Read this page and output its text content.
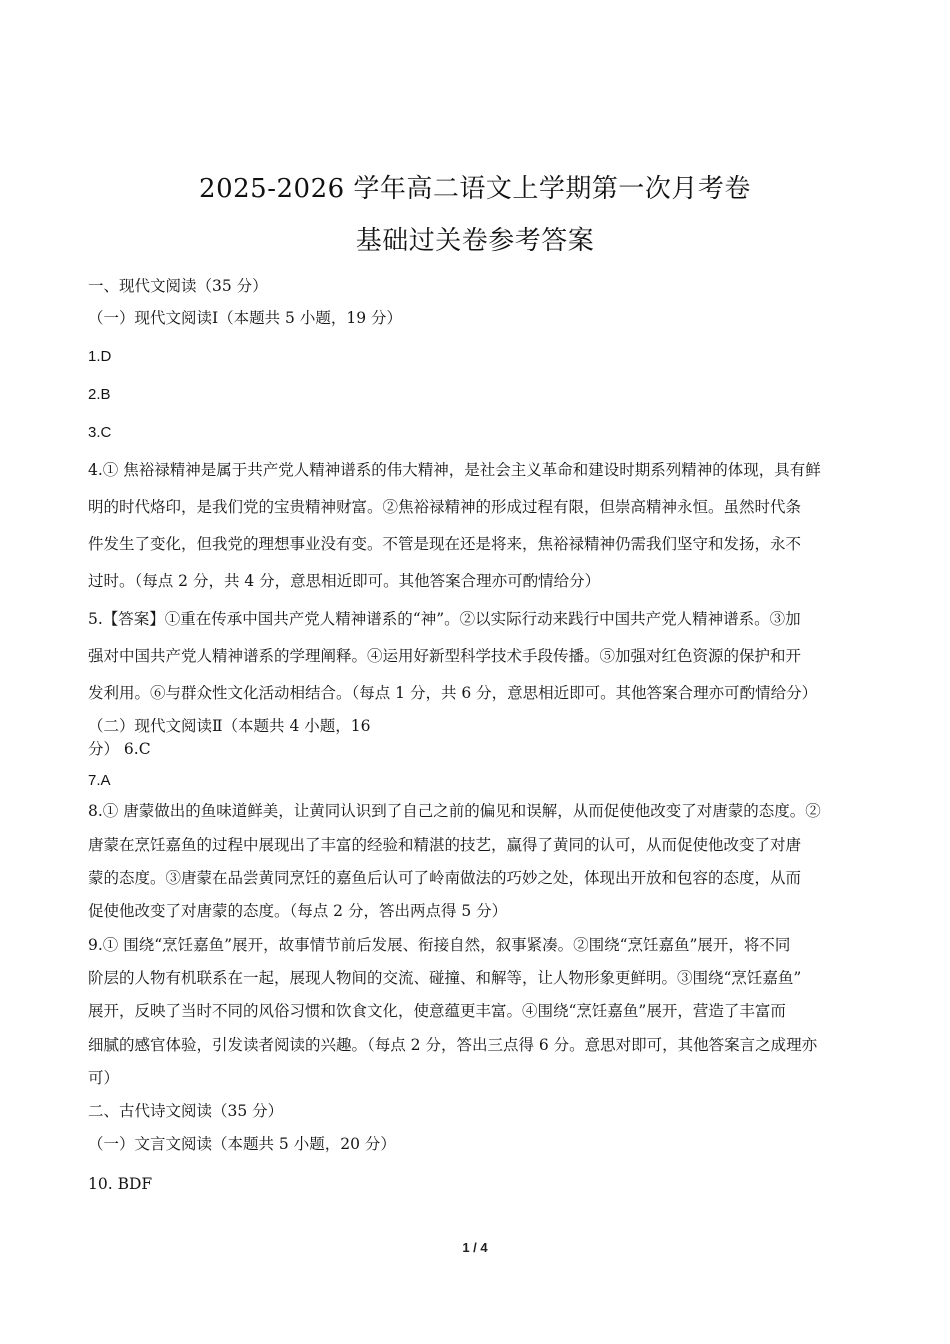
2025-2026 学年高二语文上学期第一次月考卷
基础过关卷参考答案
一、现代文阅读（35 分）
（一）现代文阅读Ⅰ（本题共 5 小题，19 分）
1.D
2.B
3.C
4.① 焦裕禄精神是属于共产党人精神谱系的伟大精神，是社会主义革命和建设时期系列精神的体现，具有鲜
明的时代烙印，是我们党的宝贵精神财富。②焦裕禄精神的形成过程有限，但崇高精神永恒。虽然时代条
件发生了变化，但我党的理想事业没有变。不管是现在还是将来，焦裕禄精神仍需我们坚守和发扬，永不
过时。（每点 2 分，共 4 分，意思相近即可。其他答案合理亦可酌情给分）
5.【答案】①重在传承中国共产党人精神谱系的“神”。②以实际行动来践行中国共产党人精神谱系。③加
强对中国共产党人精神谱系的学理阐释。④运用好新型科学技术手段传播。⑤加强对红色资源的保护和开
发利用。⑥与群众性文化活动相结合。（每点 1 分，共 6 分，意思相近即可。其他答案合理亦可酌情给分）
（二）现代文阅读Ⅱ（本题共 4 小题，16
分） 6.C
7.A
8.① 唐蒙做出的鱼味道鲜美，让黄同认识到了自己之前的偏见和误解，从而促使他改变了对唐蒙的态度。②
唐蒙在烹饪嘉鱼的过程中展现出了丰富的经验和精湛的技艺，赢得了黄同的认可，从而促使他改变了对唐
蒙的态度。③唐蒙在品尝黄同烹饪的嘉鱼后认可了岭南做法的巧妙之处，体现出开放和包容的态度，从而
促使他改变了对唐蒙的态度。（每点 2 分，答出两点得 5 分）
9.① 围绕“烹饪嘉鱼”展开，故事情节前后发展、衔接自然，叙事紧凑。②围绕“烹饪嘉鱼”展开，将不同
阶层的人物有机联系在一起，展现人物间的交流、碰撞、和解等，让人物形象更鲜明。③围绕“烹饪嘉鱼”
展开，反映了当时不同的风俗习惯和饮食文化，使意蕴更丰富。④围绕“烹饪嘉鱼”展开，营造了丰富而
细腻的感官体验，引发读者阅读的兴趣。（每点 2 分，答出三点得 6 分。意思对即可，其他答案言之成理亦
可）
二、古代诗文阅读（35 分）
（一）文言文阅读（本题共 5 小题，20 分）
10. BDF
1 / 4
